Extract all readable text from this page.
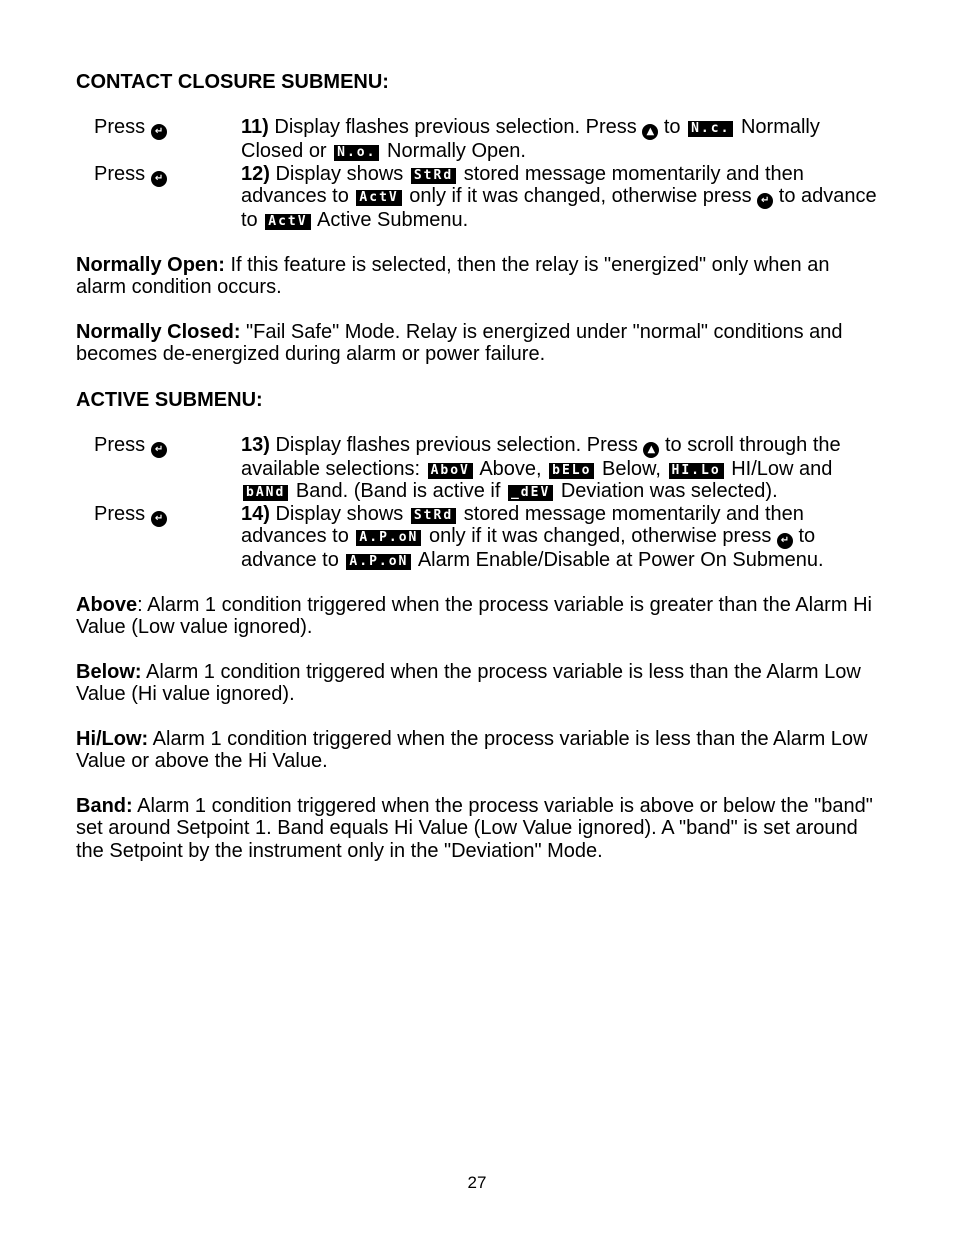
CONTACT CLOSURE SUBMENU:
Press ↵	11) Display flashes previous selection. Press ▲ to N.c. Normally Closed or N.o. Normally Open.
Press ↵	12) Display shows StRd stored message momentarily and then advances to ActV only if it was changed, otherwise press ↵ to advance to ActV Active Submenu.

Normally Open: If this feature is selected, then the relay is "energized" only when an alarm condition occurs.

Normally Closed: "Fail Safe" Mode. Relay is energized under "normal" conditions and becomes de-energized during alarm or power failure.

ACTIVE SUBMENU:
Press ↵	13) Display flashes previous selection. Press ▲ to scroll through the available selections: AboV Above, bELo Below, HI.Lo HI/Low and bANd Band. (Band is active if _dEV Deviation was selected).
Press ↵	14) Display shows StRd stored message momentarily and then advances to A.P.oN only if it was changed, otherwise press ↵ to advance to A.P.oN Alarm Enable/Disable at Power On Submenu.

Above: Alarm 1 condition triggered when the process variable is greater than the Alarm Hi Value (Low value ignored).

Below: Alarm 1 condition triggered when the process variable is less than the Alarm Low Value (Hi value ignored).

Hi/Low: Alarm 1 condition triggered when the process variable is less than the Alarm Low Value or above the Hi Value.

Band: Alarm 1 condition triggered when the process variable is above or below the "band" set around Setpoint 1. Band equals Hi Value (Low Value ignored). A "band" is set around the Setpoint by the instrument only in the "Deviation" Mode.

27
